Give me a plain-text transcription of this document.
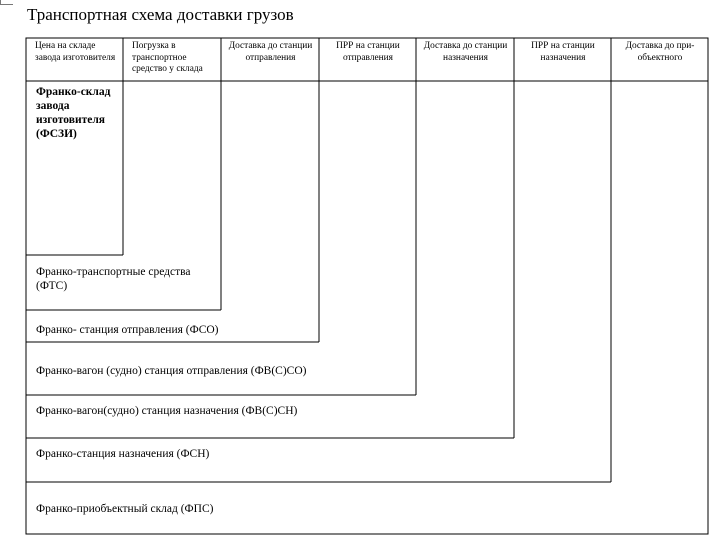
Транспортная схема доставки грузов
Цена на складе завода изготовителя
Погрузка в транспортное средство у склада
Доставка до станции отправления
ПРР на станции отправления
Доставка до станции назначения
ПРР на станции назначения
Доставка до при-объектного
Франко-склад завода изготовителя (ФСЗИ)
Франко-транспортные средства (ФТС)
Франко- станция отправления (ФСО)
Франко-вагон (судно) станция отправления (ФВ(С)СО)
Франко-вагон(судно) станция назначения (ФВ(С)СН)
Франко-станция назначения (ФСН)
Франко-приобъектный склад (ФПС)
